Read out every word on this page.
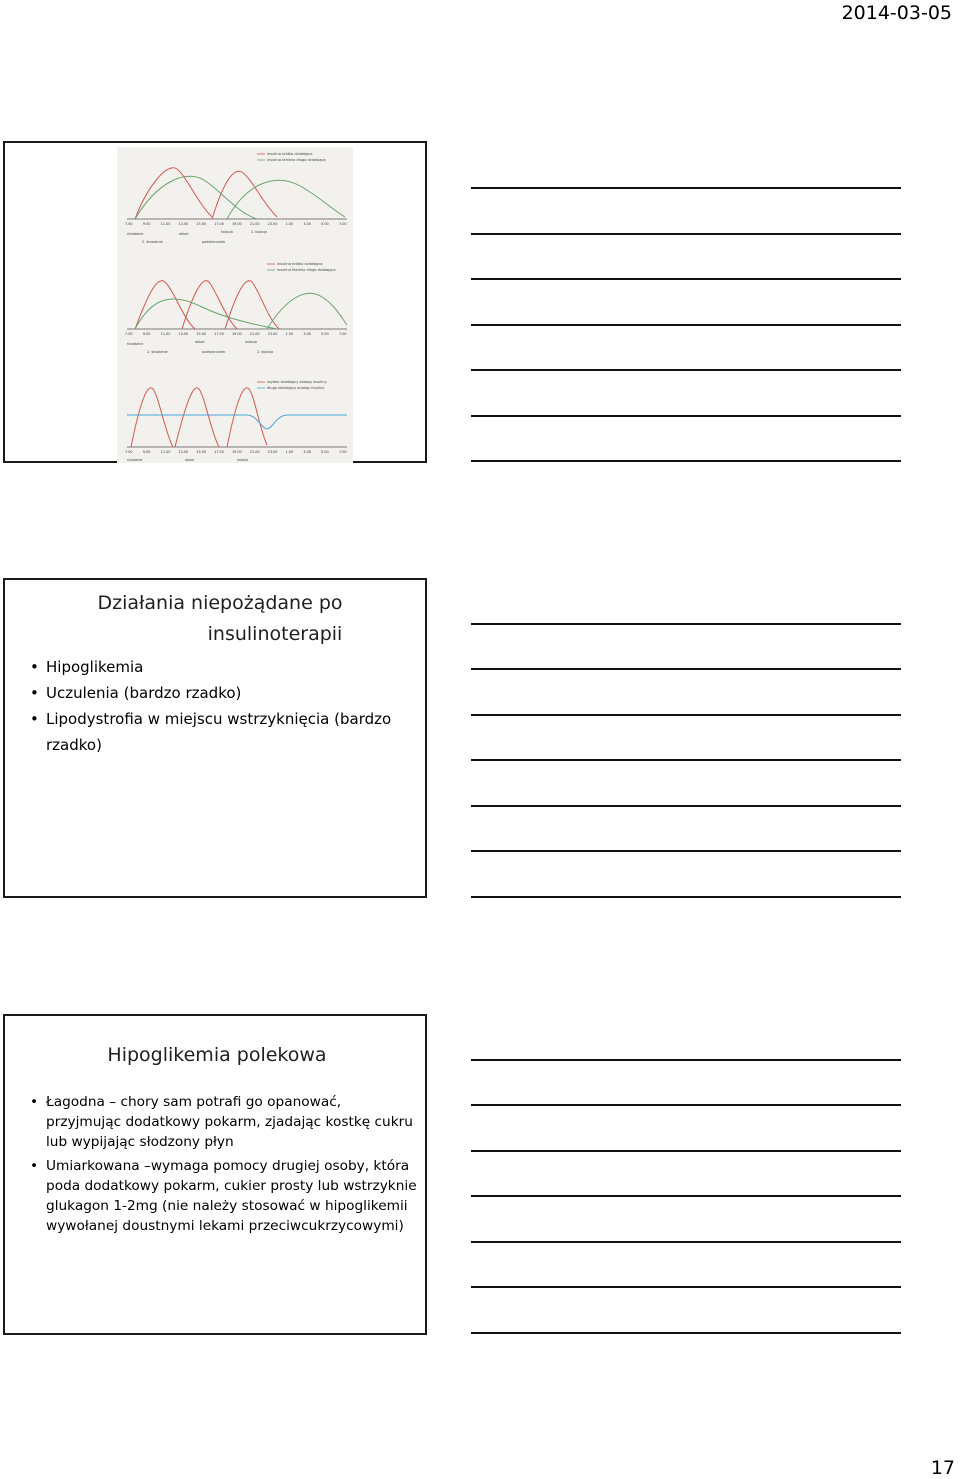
2014-03-05
insulina krótko działająca
insulina średnio długo działająca
7.00	9.00	11.00 13.00 15.00 17.00 19.00 21.00 23.00 1.00	3.00	5.00	7.00
śniadanie	obiad	kolacja	2. kolacja
2. śniadanie	podwieczorek
insulina krótko działająca
insulina średnio długo działająca
7.00	9.00	11.00 13.00 15.00 17.00 19.00 21.00 23.00 1.00	3.00	5.00	7.00
śniadanie	obiad	kolacja
2. śniadanie	podwieczorek	2. kolacja
szybko działający analog insuliny
długo działający analog insuliny
7.00	9.00	11.00 13.00 15.00 17.00 19.00 21.00 23.00 1.00	3.00	5.00	7.00
śniadanie	obiad	kolacja
Działania niepożądane po
insulinoterapii
• Hipoglikemia
• Uczulenia (bardzo rzadko)
• Lipodystrofia w miejscu wstrzyknięcia (bardzo rzadko)
Hipoglikemia polekowa
• Łagodna – chory sam potrafi go opanować, przyjmując dodatkowy pokarm, zjadając kostkę cukru lub wypijając słodzony płyn
• Umiarkowana –wymaga pomocy drugiej osoby, która poda dodatkowy pokarm, cukier prosty lub wstrzyknie glukagon 1-2mg (nie należy stosować w hipoglikemii wywołanej doustnymi lekami przeciwcukrzycowymi)
17
